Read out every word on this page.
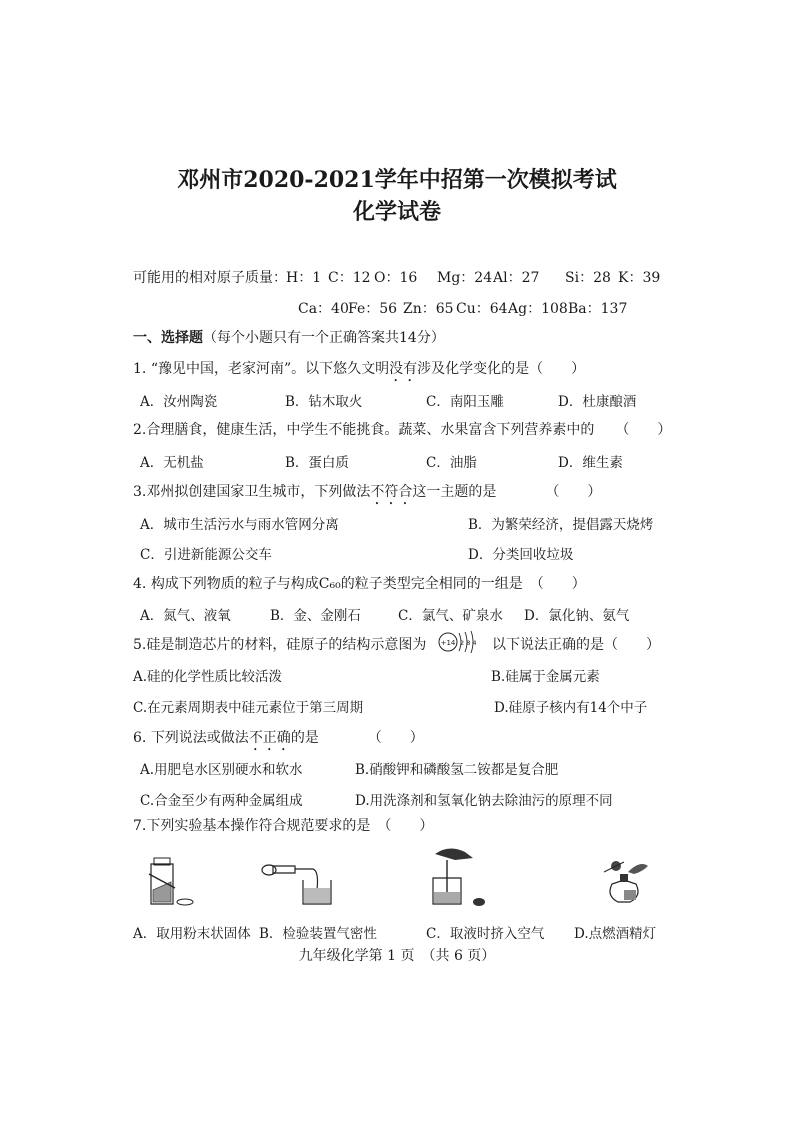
邓州市2020-2021学年中招第一次模拟考试
化学试卷
可能用的相对原子质量： H：1 C：12 O：16 Mg：24 Al：27 Si：28 K：39
Ca：40 Fe：56 Zn：65 Cu：64 Ag：108 Ba：137
一、选择题（每个小题只有一个正确答案共14分）
1. “豫见中国，老家河南”。以下悠久文明没有涉及化学变化的是（　　）
A．汝州陶瓷	B．钻木取火	C．南阳玉雕	D．杜康酿酒
2.合理膳食，健康生活，中学生不能挑食。蔬菜、水果富含下列营养素中的　　（　　）
A．无机盐	B．蛋白质	C．油脂	D．维生素
3.邓州拟创建国家卫生城市，下列做法不符合这一主题的是　　　　（　　）
A．城市生活污水与雨水管网分离	B．为繁荣经济，提倡露天烧烤
C．引进新能源公交车	D．分类回收垃圾
4. 构成下列物质的粒子与构成C₆₀的粒子类型完全相同的一组是　（　　）
A．氮气、液氧	B．金、金刚石	C．氯气、矿泉水 D．氯化钠、氨气
5.硅是制造芯片的材料，硅原子的结构示意图为 +14 2 8 4 以下说法正确的是（　　）
A.硅的化学性质比较活泼	B.硅属于金属元素
C.在元素周期表中硅元素位于第三周期	D.硅原子核内有14个中子
6. 下列说法或做法不正确的是　　　　（　　）
A.用肥皂水区别硬水和软水	B.硝酸钾和磷酸氢二铵都是复合肥
C.合金至少有两种金属组成	D.用洗涤剂和氢氧化钠去除油污的原理不同
7.下列实验基本操作符合规范要求的是　（　　）
A．取用粉末状固体 B．检验装置气密性	C．取液时挤入空气 D.点燃酒精灯
九年级化学第 1 页　（共 6 页）
